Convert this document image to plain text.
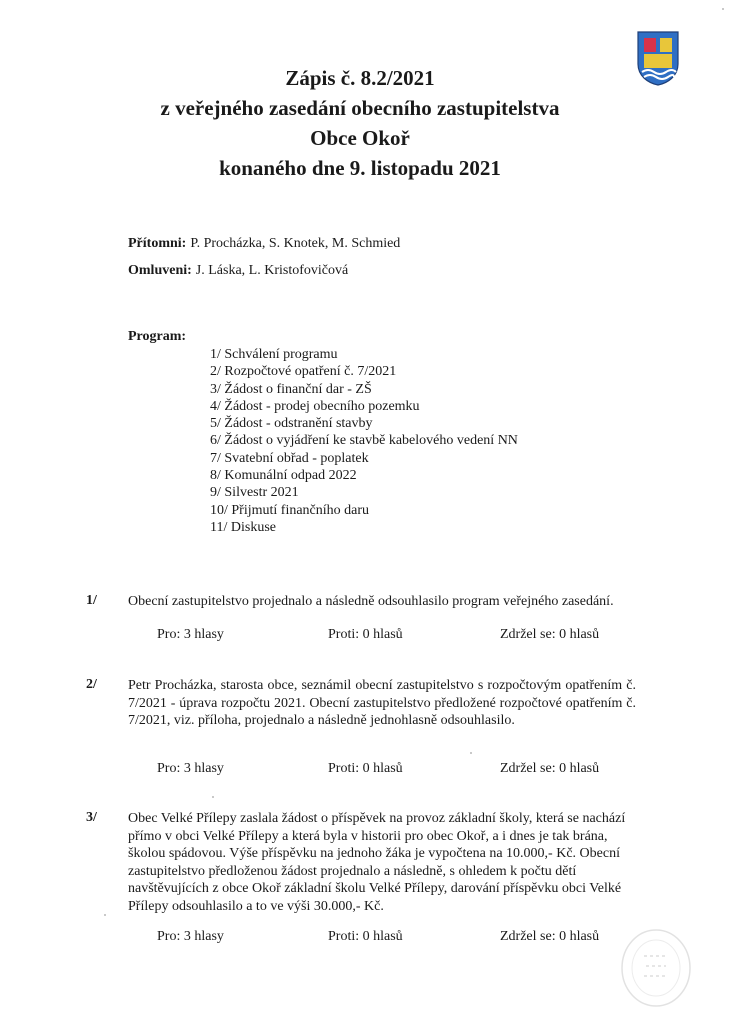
Zápis č. 8.2/2021
z veřejného zasedání obecního zastupitelstva
Obce Okoř
konaného dne 9. listopadu 2021
Přítomni: P. Procházka, S. Knotek, M. Schmied
Omluveni: J. Láska, L. Kristofovičová
Program:
1/ Schválení programu
2/ Rozpočtové opatření č. 7/2021
3/ Žádost o finanční dar - ZŠ
4/ Žádost - prodej obecního pozemku
5/ Žádost - odstranění stavby
6/ Žádost o vyjádření ke stavbě kabelového vedení NN
7/ Svatební obřad - poplatek
8/ Komunální odpad 2022
9/ Silvestr 2021
10/ Přijmutí finančního daru
11/ Diskuse
1/ Obecní zastupitelstvo projednalo a následně odsouhlasilo program veřejného zasedání.
Pro: 3 hlasy	Proti: 0 hlasů	Zdržel se: 0 hlasů
2/ Petr Procházka, starosta obce, seznámil obecní zastupitelstvo s rozpočtovým opatřením č. 7/2021 - úprava rozpočtu 2021. Obecní zastupitelstvo předložené rozpočtové opatřením č. 7/2021, viz. příloha, projednalo a následně jednohlasně odsouhlasilo.
Pro: 3 hlasy	Proti: 0 hlasů	Zdržel se: 0 hlasů
3/ Obec Velké Přílepy zaslala žádost o příspěvek na provoz základní školy, která se nachází přímo v obci Velké Přílepy a která byla v historii pro obec Okoř, a i dnes je tak brána, školou spádovou. Výše příspěvku na jednoho žáka je vypočtena na 10.000,- Kč. Obecní zastupitelstvo předloženou žádost projednalo a následně, s ohledem k počtu dětí navštěvujících z obce Okoř základní školu Velké Přílepy, darování příspěvku obci Velké Přílepy odsouhlasilo a to ve výši 30.000,- Kč.
Pro: 3 hlasy	Proti: 0 hlasů	Zdržel se: 0 hlasů
